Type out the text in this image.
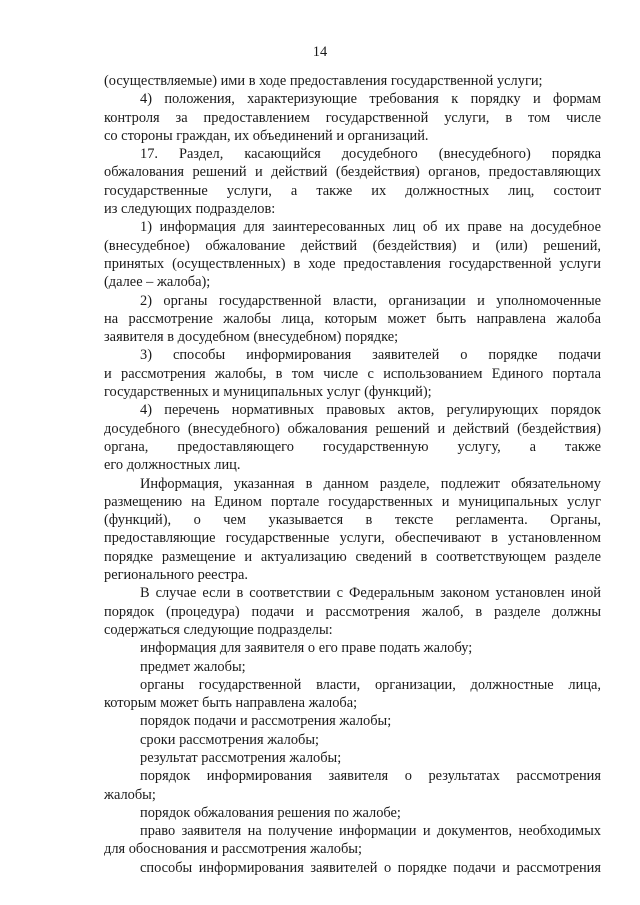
14
(осуществляемые) ими в ходе предоставления государственной услуги;
4) положения, характеризующие требования к порядку и формам
контроля за предоставлением государственной услуги, в том числе
со стороны граждан, их объединений и организаций.
17. Раздел, касающийся досудебного (внесудебного) порядка
обжалования решений и действий (бездействия) органов, предоставляющих
государственные услуги, а также их должностных лиц, состоит
из следующих подразделов:
1) информация для заинтересованных лиц об их праве на досудебное
(внесудебное) обжалование действий (бездействия) и (или) решений,
принятых (осуществленных) в ходе предоставления государственной услуги
(далее – жалоба);
2) органы государственной власти, организации и уполномоченные
на рассмотрение жалобы лица, которым может быть направлена жалоба
заявителя в досудебном (внесудебном) порядке;
3) способы информирования заявителей о порядке подачи
и рассмотрения жалобы, в том числе с использованием Единого портала
государственных и муниципальных услуг (функций);
4) перечень нормативных правовых актов, регулирующих порядок
досудебного (внесудебного) обжалования решений и действий (бездействия)
органа, предоставляющего государственную услугу, а также
его должностных лиц.
Информация, указанная в данном разделе, подлежит обязательному
размещению на Едином портале государственных и муниципальных услуг
(функций), о чем указывается в тексте регламента. Органы,
предоставляющие государственные услуги, обеспечивают в установленном
порядке размещение и актуализацию сведений в соответствующем разделе
регионального реестра.
В случае если в соответствии с Федеральным законом установлен иной
порядок (процедура) подачи и рассмотрения жалоб, в разделе должны
содержаться следующие подразделы:
информация для заявителя о его праве подать жалобу;
предмет жалобы;
органы государственной власти, организации, должностные лица,
которым может быть направлена жалоба;
порядок подачи и рассмотрения жалобы;
сроки рассмотрения жалобы;
результат рассмотрения жалобы;
порядок информирования заявителя о результатах рассмотрения
жалобы;
порядок обжалования решения по жалобе;
право заявителя на получение информации и документов, необходимых
для обоснования и рассмотрения жалобы;
способы информирования заявителей о порядке подачи и рассмотрения
